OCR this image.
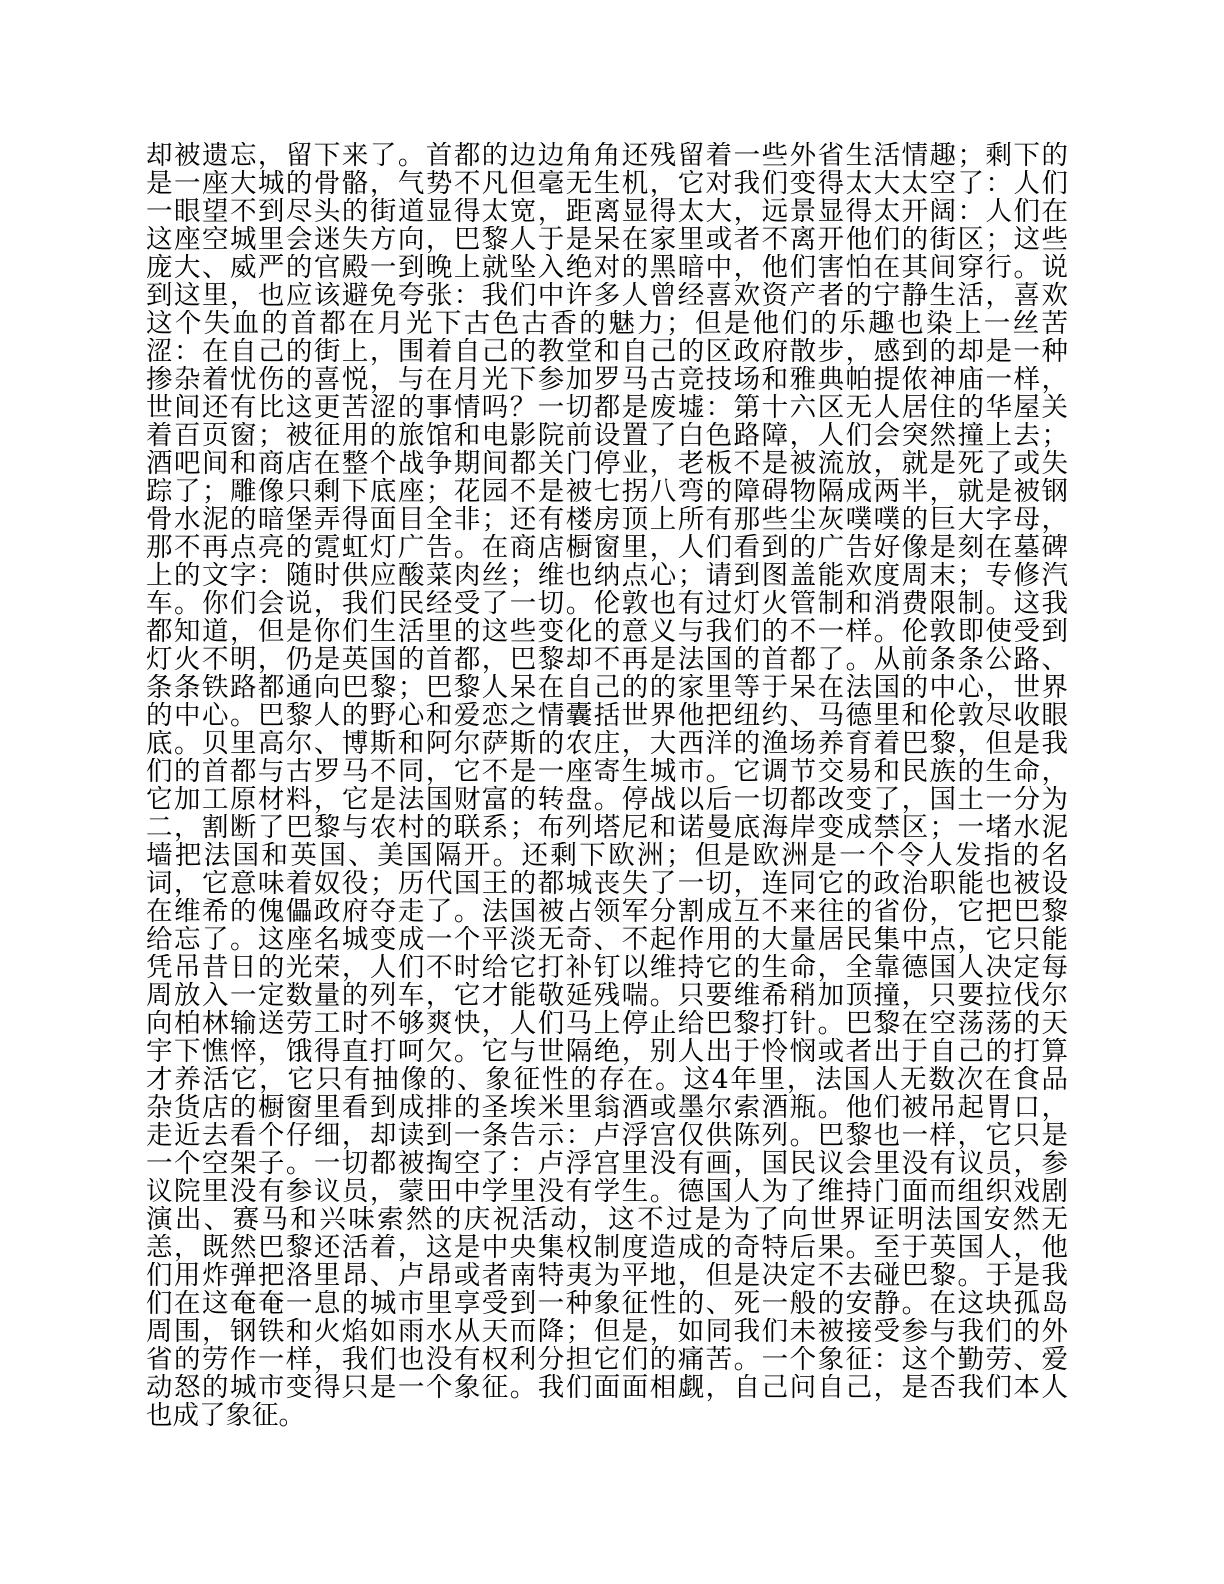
却被遗忘，留下来了。首都的边边角角还残留着一些外省生活情趣；剩下的
是一座大城的骨骼，气势不凡但毫无生机，它对我们变得太大太空了：人们
一眼望不到尽头的街道显得太宽，距离显得太大，远景显得太开阔：人们在
这座空城里会迷失方向，巴黎人于是呆在家里或者不离开他们的街区；这些
庞大、威严的官殿一到晚上就坠入绝对的黑暗中，他们害怕在其间穿行。说
到这里，也应该避免夸张：我们中许多人曾经喜欢资产者的宁静生活，喜欢
这个失血的首都在月光下古色古香的魅力；但是他们的乐趣也染上一丝苦
涩：在自己的街上，围着自己的教堂和自己的区政府散步，感到的却是一种
掺杂着忧伤的喜悦，与在月光下参加罗马古竞技场和雅典帕提侬神庙一样，
世间还有比这更苦涩的事情吗？一切都是废墟：第十六区无人居住的华屋关
着百页窗；被征用的旅馆和电影院前设置了白色路障，人们会突然撞上去；
酒吧间和商店在整个战争期间都关门停业，老板不是被流放，就是死了或失
踪了；雕像只剩下底座；花园不是被七拐八弯的障碍物隔成两半，就是被钢
骨水泥的暗堡弄得面目全非；还有楼房顶上所有那些尘灰噗噗的巨大字母，
那不再点亮的霓虹灯广告。在商店橱窗里，人们看到的广告好像是刻在墓碑
上的文字：随时供应酸菜肉丝；维也纳点心；请到图盖能欢度周末；专修汽
车。你们会说，我们民经受了一切。伦敦也有过灯火管制和消费限制。这我
都知道，但是你们生活里的这些变化的意义与我们的不一样。伦敦即使受到
灯火不明，仍是英国的首都，巴黎却不再是法国的首都了。从前条条公路、
条条铁路都通向巴黎；巴黎人呆在自己的的家里等于呆在法国的中心，世界
的中心。巴黎人的野心和爱恋之情囊括世界他把纽约、马德里和伦敦尽收眼
底。贝里高尔、博斯和阿尔萨斯的农庄，大西洋的渔场养育着巴黎，但是我
们的首都与古罗马不同，它不是一座寄生城市。它调节交易和民族的生命，
它加工原材料，它是法国财富的转盘。停战以后一切都改变了，国土一分为
二，割断了巴黎与农村的联系；布列塔尼和诺曼底海岸变成禁区；一堵水泥
墙把法国和英国、美国隔开。还剩下欧洲；但是欧洲是一个令人发指的名
词，它意味着奴役；历代国王的都城丧失了一切，连同它的政治职能也被设
在维希的傀儡政府夺走了。法国被占领军分割成互不来往的省份，它把巴黎
给忘了。这座名城变成一个平淡无奇、不起作用的大量居民集中点，它只能
凭吊昔日的光荣，人们不时给它打补钉以维持它的生命，全靠德国人决定每
周放入一定数量的列车，它才能敬延残喘。只要维希稍加顶撞，只要拉伐尔
向柏林输送劳工时不够爽快，人们马上停止给巴黎打针。巴黎在空荡荡的天
宇下憔悴，饿得直打呵欠。它与世隔绝，别人出于怜悯或者出于自己的打算
才养活它，它只有抽像的、象征性的存在。这4年里，法国人无数次在食品
杂货店的橱窗里看到成排的圣埃米里翁酒或墨尔索酒瓶。他们被吊起胃口，
走近去看个仔细，却读到一条告示：卢浮宫仅供陈列。巴黎也一样，它只是
一个空架子。一切都被掏空了：卢浮宫里没有画，国民议会里没有议员，参
议院里没有参议员，蒙田中学里没有学生。德国人为了维持门面而组织戏剧
演出、赛马和兴味索然的庆祝活动，这不过是为了向世界证明法国安然无
恙，既然巴黎还活着，这是中央集权制度造成的奇特后果。至于英国人，他
们用炸弹把洛里昂、卢昂或者南特夷为平地，但是决定不去碰巴黎。于是我
们在这奄奄一息的城市里享受到一种象征性的、死一般的安静。在这块孤岛
周围，钢铁和火焰如雨水从天而降；但是，如同我们未被接受参与我们的外
省的劳作一样，我们也没有权利分担它们的痛苦。一个象征：这个勤劳、爱
动怒的城市变得只是一个象征。我们面面相觑，自己问自己，是否我们本人
也成了象征。
